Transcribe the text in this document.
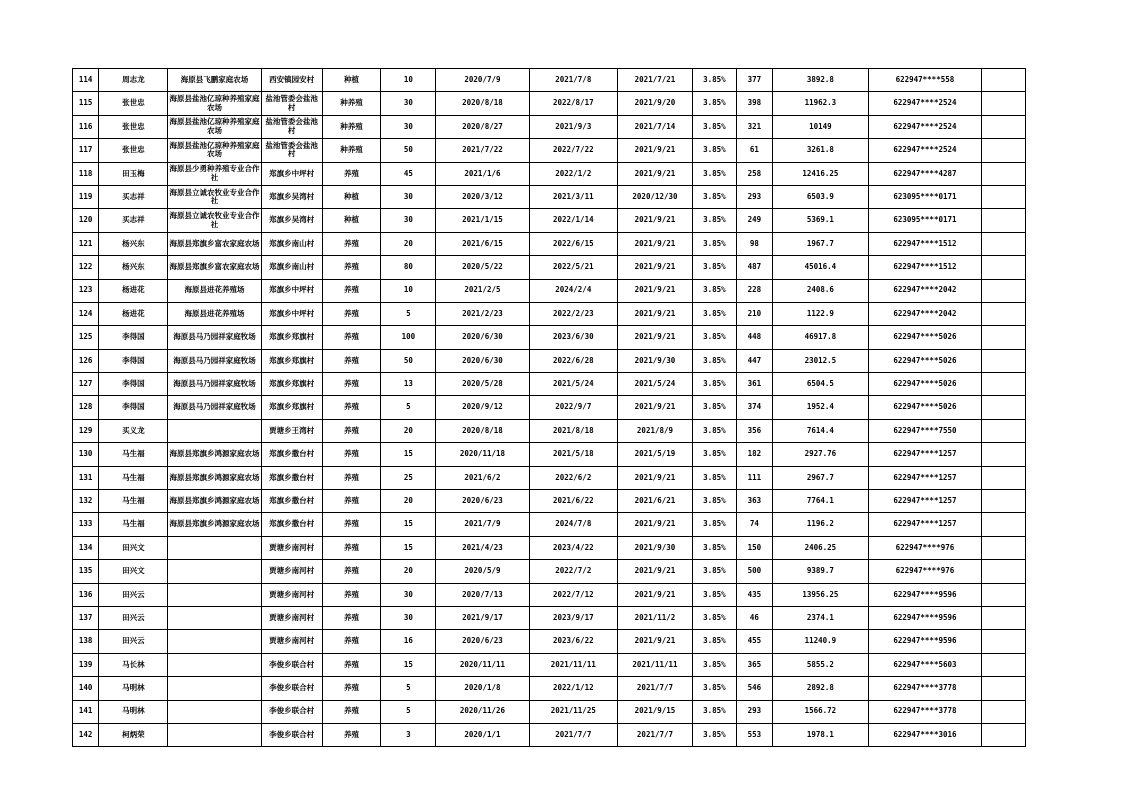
114	周志龙	海原县飞鹏家庭农场	西安镇园安村	种植	10	2020/7/9	2021/7/8	2021/7/21	3.85%	377	3892.8	622947****558	
115	张世忠	海原县盐池亿琼种养殖家庭农场	盐池管委会盐池村	种养殖	30	2020/8/18	2022/8/17	2021/9/20	3.85%	398	11962.3	622947****2524	
116	张世忠	海原县盐池亿琼种养殖家庭农场	盐池管委会盐池村	种养殖	30	2020/8/27	2021/9/3	2021/7/14	3.85%	321	10149	622947****2524	
117	张世忠	海原县盐池亿琼种养殖家庭农场	盐池管委会盐池村	种养殖	50	2021/7/22	2022/7/22	2021/9/21	3.85%	61	3261.8	622947****2524	
118	田玉梅	海原县少勇种养殖专业合作社	郑旗乡中坪村	养殖	45	2021/1/6	2022/1/2	2021/9/21	3.85%	258	12416.25	622947****4287	
119	买志祥	海原县立诚农牧业专业合作社	郑旗乡吴湾村	种植	30	2020/3/12	2021/3/11	2020/12/30	3.85%	293	6503.9	623095****0171	
120	买志祥	海原县立诚农牧业专业合作社	郑旗乡吴湾村	种植	30	2021/1/15	2022/1/14	2021/9/21	3.85%	249	5369.1	623095****0171	
121	杨兴东	海原县郑旗乡富农家庭农场	郑旗乡南山村	养殖	20	2021/6/15	2022/6/15	2021/9/21	3.85%	98	1967.7	622947****1512	
122	杨兴东	海原县郑旗乡富农家庭农场	郑旗乡南山村	养殖	80	2020/5/22	2022/5/21	2021/9/21	3.85%	487	45016.4	622947****1512	
123	杨进花	海原县进花养殖场	郑旗乡中坪村	养殖	10	2021/2/5	2024/2/4	2021/9/21	3.85%	228	2408.6	622947****2042	
124	杨进花	海原县进花养殖场	郑旗乡中坪村	养殖	5	2021/2/23	2022/2/23	2021/9/21	3.85%	210	1122.9	622947****2042	
125	李得国	海原县马乃园祥家庭牧场	郑旗乡郑旗村	养殖	100	2020/6/30	2023/6/30	2021/9/21	3.85%	448	46917.8	622947****5026	
126	李得国	海原县马乃园祥家庭牧场	郑旗乡郑旗村	养殖	50	2020/6/30	2022/6/28	2021/9/30	3.85%	447	23012.5	622947****5026	
127	李得国	海原县马乃园祥家庭牧场	郑旗乡郑旗村	养殖	13	2020/5/28	2021/5/24	2021/5/24	3.85%	361	6504.5	622947****5026	
128	李得国	海原县马乃园祥家庭牧场	郑旗乡郑旗村	养殖	5	2020/9/12	2022/9/7	2021/9/21	3.85%	374	1952.4	622947****5026	
129	买义龙		贾塘乡王湾村	养殖	20	2020/8/18	2021/8/18	2021/8/9	3.85%	356	7614.4	622947****7550	
130	马生福	海原县郑旗乡鸿源家庭农场	郑旗乡撒台村	养殖	15	2020/11/18	2021/5/18	2021/5/19	3.85%	182	2927.76	622947****1257	
131	马生福	海原县郑旗乡鸿源家庭农场	郑旗乡撒台村	养殖	25	2021/6/2	2022/6/2	2021/9/21	3.85%	111	2967.7	622947****1257	
132	马生福	海原县郑旗乡鸿源家庭农场	郑旗乡撒台村	养殖	20	2020/6/23	2021/6/22	2021/6/21	3.85%	363	7764.1	622947****1257	
133	马生福	海原县郑旗乡鸿源家庭农场	郑旗乡撒台村	养殖	15	2021/7/9	2024/7/8	2021/9/21	3.85%	74	1196.2	622947****1257	
134	田兴文		贾塘乡南河村	养殖	15	2021/4/23	2023/4/22	2021/9/30	3.85%	150	2406.25	622947****976	
135	田兴文		贾塘乡南河村	养殖	20	2020/5/9	2022/7/2	2021/9/21	3.85%	500	9389.7	622947****976	
136	田兴云		贾塘乡南河村	养殖	30	2020/7/13	2022/7/12	2021/9/21	3.85%	435	13956.25	622947****9596	
137	田兴云		贾塘乡南河村	养殖	30	2021/9/17	2023/9/17	2021/11/2	3.85%	46	2374.1	622947****9596	
138	田兴云		贾塘乡南河村	养殖	16	2020/6/23	2023/6/22	2021/9/21	3.85%	455	11240.9	622947****9596	
139	马长林		李俊乡联合村	养殖	15	2020/11/11	2021/11/11	2021/11/11	3.85%	365	5855.2	622947****5603	
140	马明林		李俊乡联合村	养殖	5	2020/1/8	2022/1/12	2021/7/7	3.85%	546	2892.8	622947****3778	
141	马明林		李俊乡联合村	养殖	5	2020/11/26	2021/11/25	2021/9/15	3.85%	293	1566.72	622947****3778	
142	柯炳荣		李俊乡联合村	养殖	3	2020/1/1	2021/7/7	2021/7/7	3.85%	553	1978.1	622947****3016	
